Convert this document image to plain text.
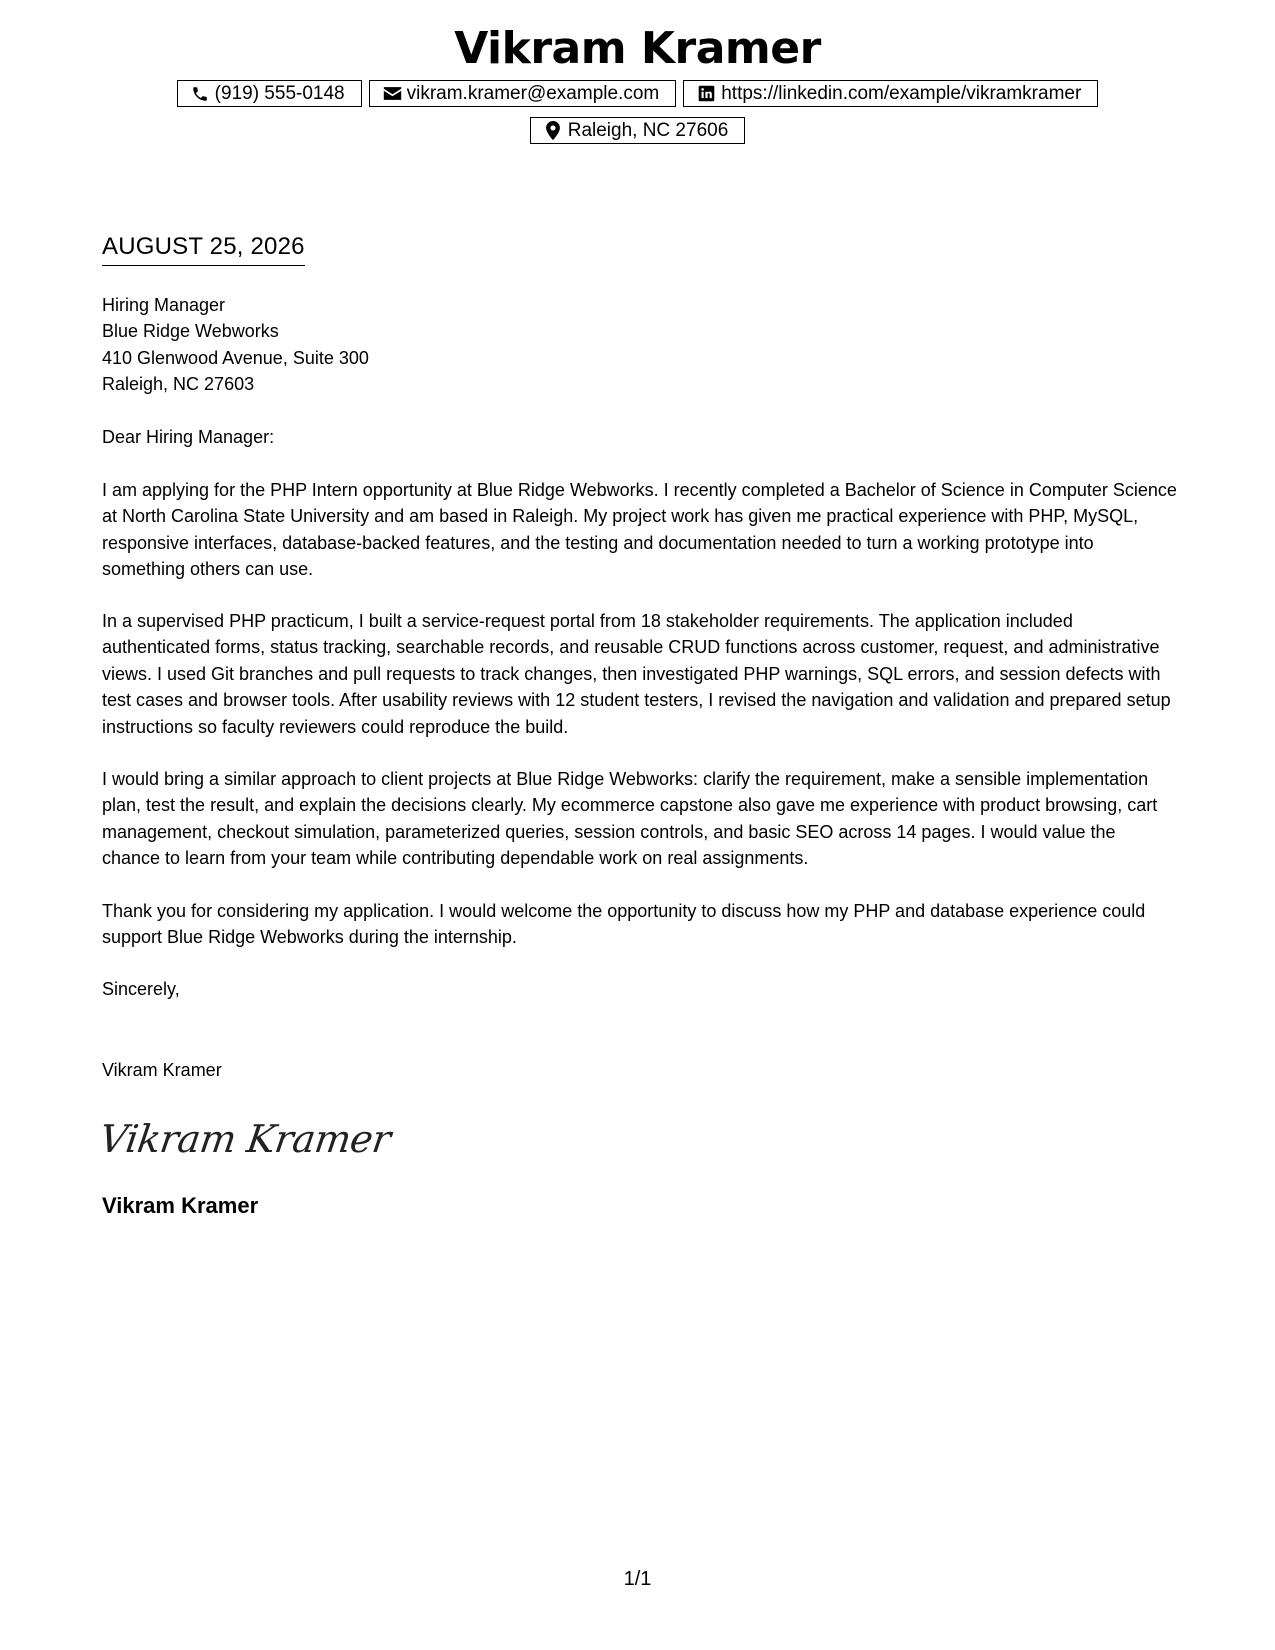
Vikram Kramer
(919) 555-0148	vikram.kramer@example.com	https://linkedin.com/example/vikramkramer
Raleigh, NC 27606
AUGUST 25, 2026
Hiring Manager
Blue Ridge Webworks
410 Glenwood Avenue, Suite 300
Raleigh, NC 27603

Dear Hiring Manager:

I am applying for the PHP Intern opportunity at Blue Ridge Webworks. I recently completed a Bachelor of Science in Computer Science at North Carolina State University and am based in Raleigh. My project work has given me practical experience with PHP, MySQL, responsive interfaces, database-backed features, and the testing and documentation needed to turn a working prototype into something others can use.

In a supervised PHP practicum, I built a service-request portal from 18 stakeholder requirements. The application included authenticated forms, status tracking, searchable records, and reusable CRUD functions across customer, request, and administrative views. I used Git branches and pull requests to track changes, then investigated PHP warnings, SQL errors, and session defects with test cases and browser tools. After usability reviews with 12 student testers, I revised the navigation and validation and prepared setup instructions so faculty reviewers could reproduce the build.

I would bring a similar approach to client projects at Blue Ridge Webworks: clarify the requirement, make a sensible implementation plan, test the result, and explain the decisions clearly. My ecommerce capstone also gave me experience with product browsing, cart management, checkout simulation, parameterized queries, session controls, and basic SEO across 14 pages. I would value the chance to learn from your team while contributing dependable work on real assignments.

Thank you for considering my application. I would welcome the opportunity to discuss how my PHP and database experience could support Blue Ridge Webworks during the internship.

Sincerely,

Vikram Kramer

Vikram Kramer
Vikram Kramer
1/1
